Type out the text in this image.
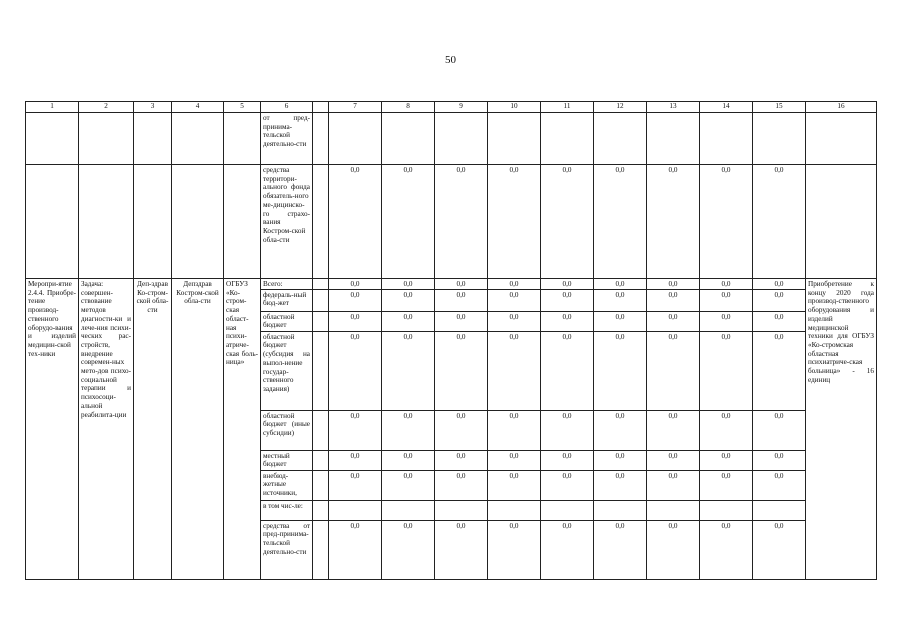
50
1	2	3	4	5	6		7	8	9	10	11	12	13	14	15	16
					от пред-принима-тельской деятельно-сти											
					средства территори-ального фонда обязатель-ного ме-дицинско-го страхо-вания Костром-ской обла-сти		0,0	0,0	0,0	0,0	0,0	0,0	0,0	0,0	0,0	
Меропри-ятие 2.4.4. Приобре-тение производ-ственного оборудо-вания и изделий медицин-ской тех-ники	Задача: совершен-ствование методов диагности-ки и лече-ния психи-ческих рас-стройств, внедрение современ-ных мето-дов психо-социальной терапии и психосоци-альной реабилита-ции	Деп-здрав Ко-стром-ской обла-сти	Депздрав Костром-ской обла-сти	ОГБУЗ «Ко-стром-ская област-ная психи-атриче-ская боль-ница»	Всего:		0,0	0,0	0,0	0,0	0,0	0,0	0,0	0,0	0,0	Приобретение к концу 2020 года производ-ственного оборудования и изделий медицинской техники для ОГБУЗ «Ко-стромская областная психиатриче-ская больница» - 16 единиц
					федераль-ный бюд-жет		0,0	0,0	0,0	0,0	0,0	0,0	0,0	0,0	0,0	
					областной бюджет		0,0	0,0	0,0	0,0	0,0	0,0	0,0	0,0	0,0	
					областной бюджет (субсидия на выпол-нение государ-ственного задания)		0,0	0,0	0,0	0,0	0,0	0,0	0,0	0,0	0,0	
					областной бюджет (иные субсидии)		0,0	0,0	0,0	0,0	0,0	0,0	0,0	0,0	0,0	
					местный бюджет		0,0	0,0	0,0	0,0	0,0	0,0	0,0	0,0	0,0	
					внебюд-жетные источники,		0,0	0,0	0,0	0,0	0,0	0,0	0,0	0,0	0,0	
					в том чис-ле:											
					средства от пред-принима-тельской деятельно-сти		0,0	0,0	0,0	0,0	0,0	0,0	0,0	0,0	0,0	
